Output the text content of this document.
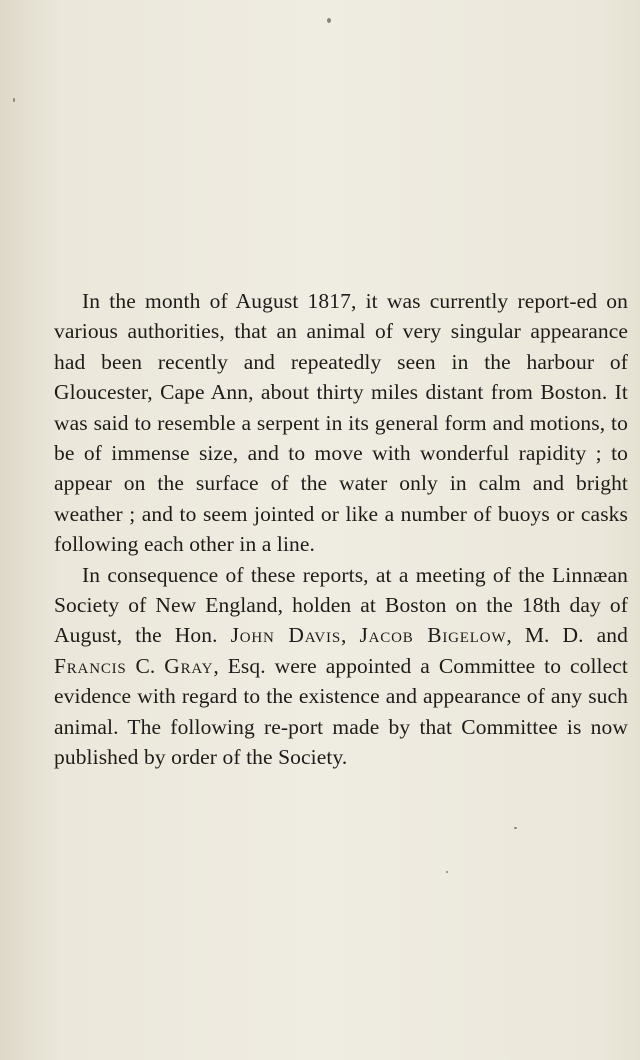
In the month of August 1817, it was currently report-ed on various authorities, that an animal of very singular appearance had been recently and repeatedly seen in the harbour of Gloucester, Cape Ann, about thirty miles distant from Boston. It was said to resemble a serpent in its general form and motions, to be of immense size, and to move with wonderful rapidity ; to appear on the surface of the water only in calm and bright weather ; and to seem jointed or like a number of buoys or casks following each other in a line.

In consequence of these reports, at a meeting of the Linnæan Society of New England, holden at Boston on the 18th day of August, the Hon. John Davis, Jacob Bigelow, M. D. and Francis C. Gray, Esq. were appointed a Committee to collect evidence with regard to the existence and appearance of any such animal. The following re-port made by that Committee is now published by order of the Society.
